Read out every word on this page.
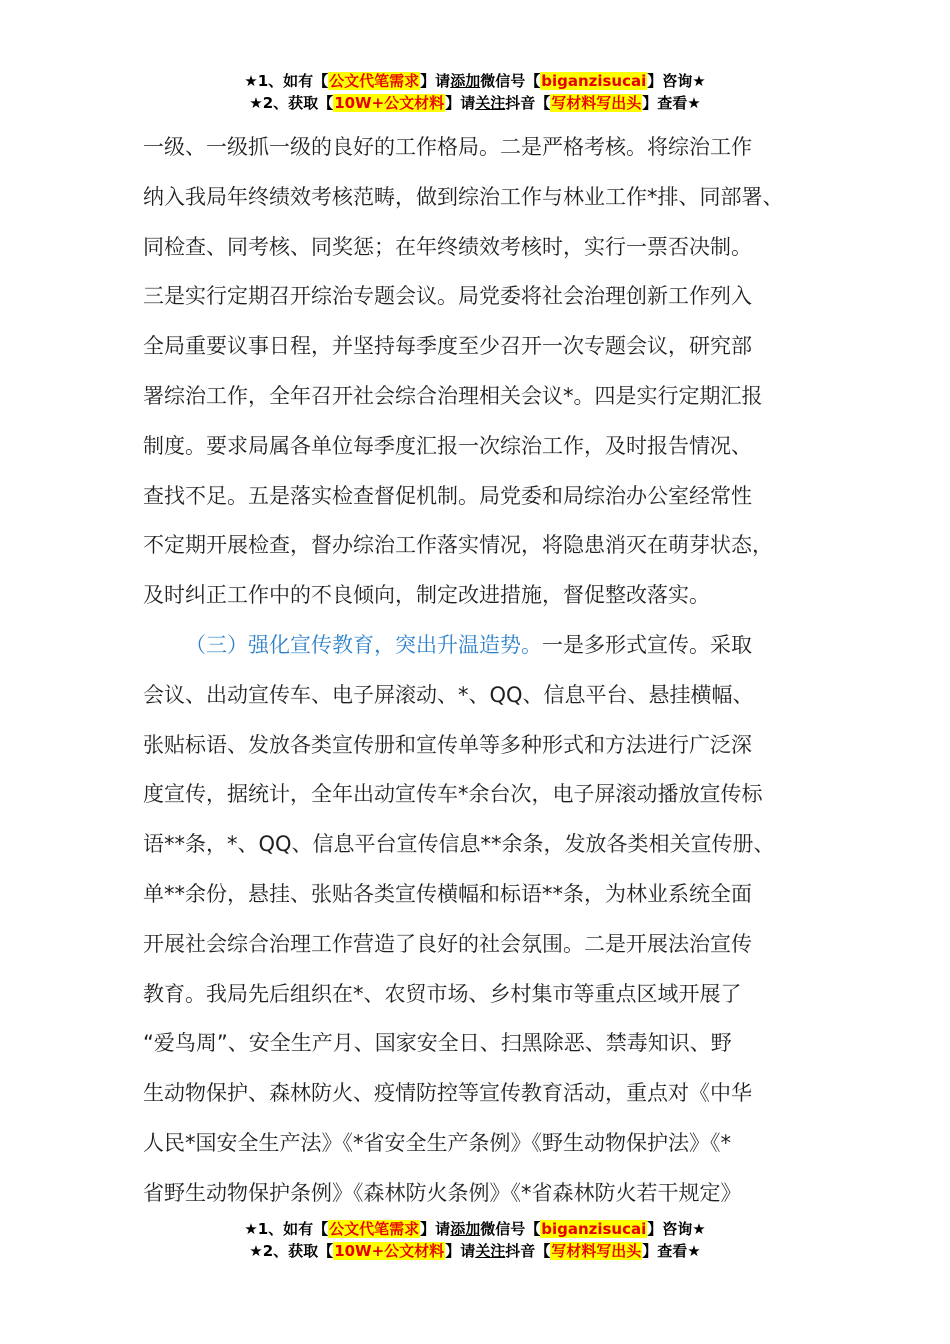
★1、如有【公文代笔需求】请添加微信号【biganzisucai】咨询★
★2、获取【10W+公文材料】请关注抖音【写材料写出头】查看★
一级、一级抓一级的良好的工作格局。二是严格考核。将综治工作
纳入我局年终绩效考核范畴，做到综治工作与林业工作*排、同部署、
同检查、同考核、同奖惩；在年终绩效考核时，实行一票否决制。
三是实行定期召开综治专题会议。局党委将社会治理创新工作列入
全局重要议事日程，并坚持每季度至少召开一次专题会议，研究部
署综治工作，全年召开社会综合治理相关会议*。四是实行定期汇报
制度。要求局属各单位每季度汇报一次综治工作，及时报告情况、
查找不足。五是落实检查督促机制。局党委和局综治办公室经常性
不定期开展检查，督办综治工作落实情况，将隐患消灭在萌芽状态，
及时纠正工作中的不良倾向，制定改进措施，督促整改落实。
（三）强化宣传教育，突出升温造势。一是多形式宣传。采取
会议、出动宣传车、电子屏滚动、*、QQ、信息平台、悬挂横幅、
张贴标语、发放各类宣传册和宣传单等多种形式和方法进行广泛深
度宣传，据统计，全年出动宣传车*余台次，电子屏滚动播放宣传标
语**条，*、QQ、信息平台宣传信息**余条，发放各类相关宣传册、
单**余份，悬挂、张贴各类宣传横幅和标语**条，为林业系统全面
开展社会综合治理工作营造了良好的社会氛围。二是开展法治宣传
教育。我局先后组织在*、农贸市场、乡村集市等重点区域开展了
“爱鸟周”、安全生产月、国家安全日、扫黑除恶、禁毒知识、野
生动物保护、森林防火、疫情防控等宣传教育活动，重点对《中华
人民*国安全生产法》《*省安全生产条例》《野生动物保护法》《*
省野生动物保护条例》《森林防火条例》《*省森林防火若干规定》
★1、如有【公文代笔需求】请添加微信号【biganzisucai】咨询★
★2、获取【10W+公文材料】请关注抖音【写材料写出头】查看★
